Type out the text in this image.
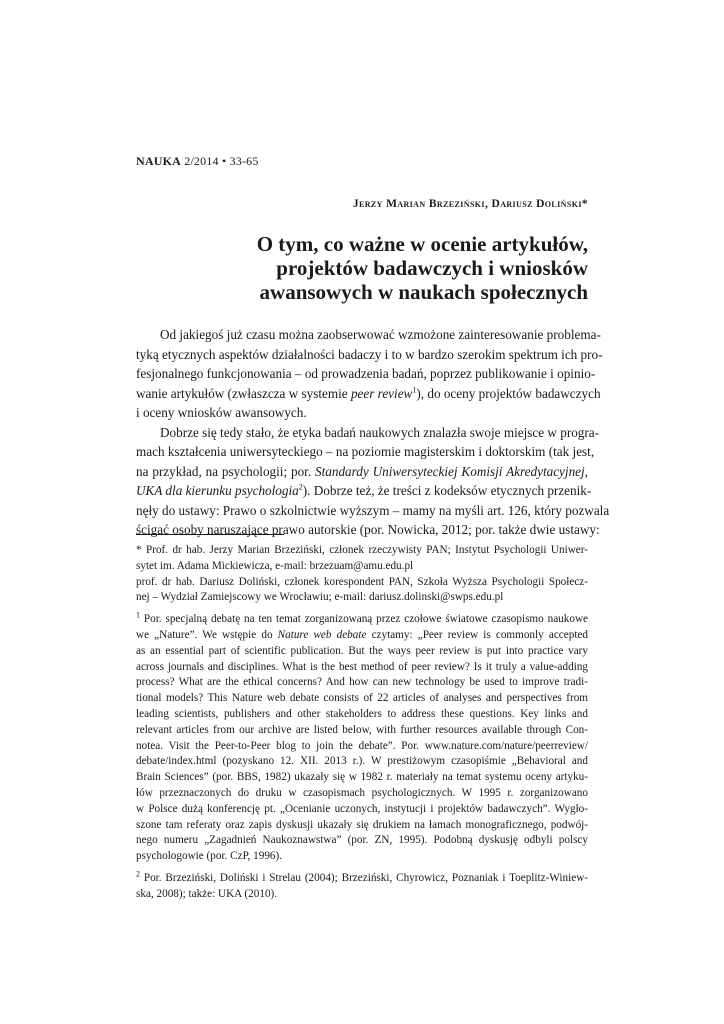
NAUKA 2/2014 • 33-65
Jerzy Marian Brzeziński, Dariusz Doliński*
O tym, co ważne w ocenie artykułów,
projektów badawczych i wniosków
awansowych w naukach społecznych
Od jakiegoś już czasu można zaobserwować wzmożone zainteresowanie problema-
tyką etycznych aspektów działalności badaczy i to w bardzo szerokim spektrum ich pro-
fesjonalnego funkcjonowania – od prowadzenia badań, poprzez publikowanie i opinio-
wanie artykułów (zwłaszcza w systemie peer review$^1$), do oceny projektów badawczych
i oceny wniosków awansowych.
Dobrze się tedy stało, że etyka badań naukowych znalazła swoje miejsce w progra-
mach kształcenia uniwersyteckiego – na poziomie magisterskim i doktorskim (tak jest,
na przykład, na psychologii; por. Standardy Uniwersyteckiej Komisji Akredytacyjnej,
UKA dla kierunku psychologia$^2$). Dobrze też, że treści z kodeksów etycznych przenik-
nęły do ustawy: Prawo o szkolnictwie wyższym – mamy na myśli art. 126, który pozwala
ścigać osoby naruszające prawo autorskie (por. Nowicka, 2012; por. także dwie ustawy:
* Prof. dr hab. Jerzy Marian Brzeziński, członek rzeczywisty PAN; Instytut Psychologii Uniwer-
sytet im. Adama Mickiewicza, e-mail: brzezuam@amu.edu.pl
prof. dr hab. Dariusz Doliński, członek korespondent PAN, Szkoła Wyższa Psychologii Społecz-
nej – Wydział Zamiejscowy we Wrocławiu; e-mail: dariusz.dolinski@swps.edu.pl
$^1$ Por. specjalną debatę na ten temat zorganizowaną przez czołowe światowe czasopismo naukowe
we „Nature”. We wstępie do Nature web debate czytamy: „Peer review is commonly accepted
as an essential part of scientific publication. But the ways peer review is put into practice vary
across journals and disciplines. What is the best method of peer review? Is it truly a value-adding
process? What are the ethical concerns? And how can new technology be used to improve tradi-
tional models? This Nature web debate consists of 22 articles of analyses and perspectives from
leading scientists, publishers and other stakeholders to address these questions. Key links and
relevant articles from our archive are listed below, with further resources available through Con-
notea. Visit the Peer-to-Peer blog to join the debate”. Por. www.nature.com/nature/peerreview/
debate/index.html (pozyskano 12. XII. 2013 r.). W prestiżowym czasopiśmie „Behavioral and
Brain Sciences” (por. BBS, 1982) ukazały się w 1982 r. materiały na temat systemu oceny artyku-
łów przeznaczonych do druku w czasopismach psychologicznych. W 1995 r. zorganizowano
w Polsce dużą konferencję pt. „Ocenianie uczonych, instytucji i projektów badawczych”. Wygło-
szone tam referaty oraz zapis dyskusji ukazały się drukiem na łamach monograficznego, podwój-
nego numeru „Zagadnień Naukoznawstwa” (por. ZN, 1995). Podobną dyskusję odbyli polscy
psychologowie (por. CzP, 1996).
$^2$ Por. Brzeziński, Doliński i Strelau (2004); Brzeziński, Chyrowicz, Poznaniak i Toeplitz-Winiew-
ska, 2008); także: UKA (2010).
